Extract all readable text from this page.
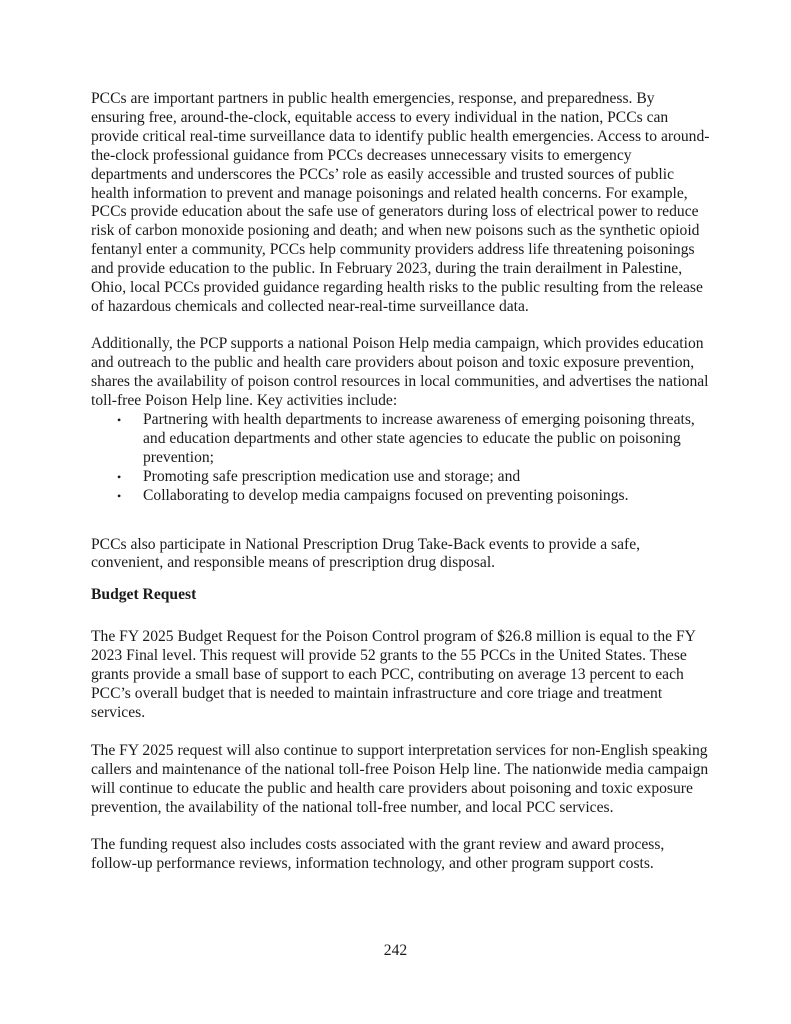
PCCs are important partners in public health emergencies, response, and preparedness. By ensuring free, around-the-clock, equitable access to every individual in the nation, PCCs can provide critical real-time surveillance data to identify public health emergencies. Access to around-the-clock professional guidance from PCCs decreases unnecessary visits to emergency departments and underscores the PCCs’ role as easily accessible and trusted sources of public health information to prevent and manage poisonings and related health concerns. For example, PCCs provide education about the safe use of generators during loss of electrical power to reduce risk of carbon monoxide posioning and death; and when new poisons such as the synthetic opioid fentanyl enter a community, PCCs help community providers address life threatening poisonings and provide education to the public. In February 2023, during the train derailment in Palestine, Ohio, local PCCs provided guidance regarding health risks to the public resulting from the release of hazardous chemicals and collected near-real-time surveillance data.

Additionally, the PCP supports a national Poison Help media campaign, which provides education and outreach to the public and health care providers about poison and toxic exposure prevention, shares the availability of poison control resources in local communities, and advertises the national toll-free Poison Help line. Key activities include:

• Partnering with health departments to increase awareness of emerging poisoning threats, and education departments and other state agencies to educate the public on poisoning prevention;
• Promoting safe prescription medication use and storage; and
• Collaborating to develop media campaigns focused on preventing poisonings.

PCCs also participate in National Prescription Drug Take-Back events to provide a safe, convenient, and responsible means of prescription drug disposal.

Budget Request

The FY 2025 Budget Request for the Poison Control program of $26.8 million is equal to the FY 2023 Final level. This request will provide 52 grants to the 55 PCCs in the United States. These grants provide a small base of support to each PCC, contributing on average 13 percent to each PCC’s overall budget that is needed to maintain infrastructure and core triage and treatment services.

The FY 2025 request will also continue to support interpretation services for non-English speaking callers and maintenance of the national toll-free Poison Help line. The nationwide media campaign will continue to educate the public and health care providers about poisoning and toxic exposure prevention, the availability of the national toll-free number, and local PCC services.

The funding request also includes costs associated with the grant review and award process, follow-up performance reviews, information technology, and other program support costs.

242
